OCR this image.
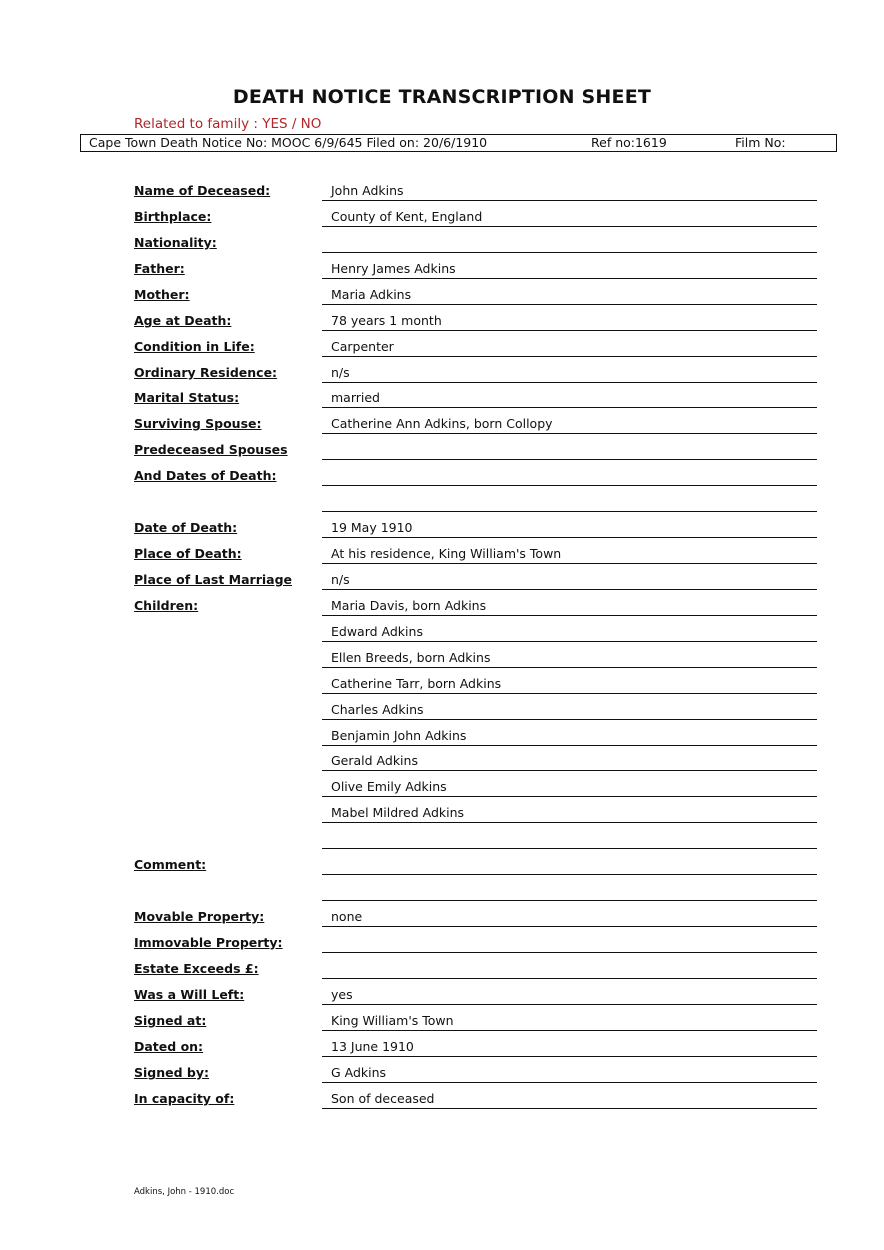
DEATH NOTICE TRANSCRIPTION SHEET
Related to family : YES / NO
Cape Town Death Notice No: MOOC 6/9/645 Filed on: 20/6/1910	Ref no:1619	Film No:
Name of Deceased:	John Adkins
Birthplace:	County of Kent, England
Nationality:
Father:	Henry James Adkins
Mother:	Maria Adkins
Age at Death:	78 years 1 month
Condition in Life:	Carpenter
Ordinary Residence:	n/s
Marital Status:	married
Surviving Spouse:	Catherine Ann Adkins, born Collopy
Predeceased Spouses
And Dates of Death:
Date of Death:	19 May 1910
Place of Death:	At his residence, King William's Town
Place of Last Marriage	n/s
Children:	Maria Davis, born Adkins
Edward Adkins
Ellen Breeds, born Adkins
Catherine Tarr, born Adkins
Charles Adkins
Benjamin John Adkins
Gerald Adkins
Olive Emily Adkins
Mabel Mildred Adkins
Comment:
Movable Property:	none
Immovable Property:
Estate Exceeds £:
Was a Will Left:	yes
Signed at:	King William's Town
Dated on:	13 June 1910
Signed by:	G Adkins
In capacity of:	Son of deceased
Adkins, John - 1910.doc
